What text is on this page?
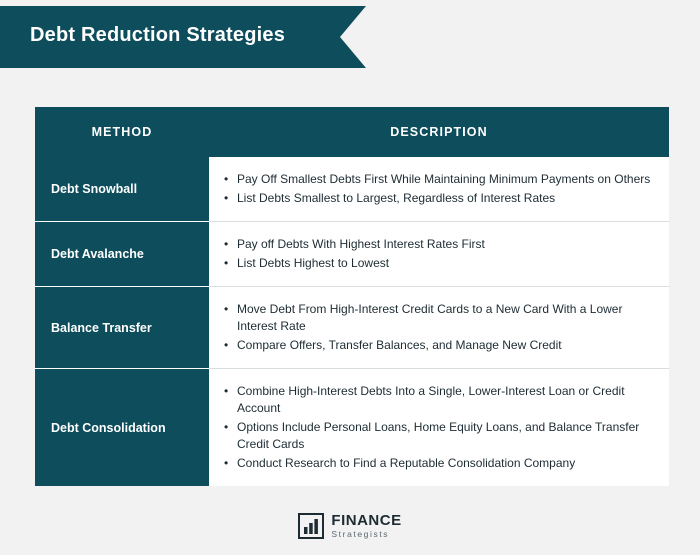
Debt Reduction Strategies
METHOD	DESCRIPTION
Debt Snowball	
• Pay Off Smallest Debts First While Maintaining Minimum Payments on Others
• List Debts Smallest to Largest, Regardless of Interest Rates

Debt Avalanche	
• Pay off Debts With Highest Interest Rates First
• List Debts Highest to Lowest

Balance Transfer	
• Move Debt From High-Interest Credit Cards to a New Card With a Lower Interest Rate
• Compare Offers, Transfer Balances, and Manage New Credit

Debt Consolidation	
• Combine High-Interest Debts Into a Single, Lower-Interest Loan or Credit Account
• Options Include Personal Loans, Home Equity Loans, and Balance Transfer Credit Cards
• Conduct Research to Find a Reputable Consolidation Company
FINANCE
Strategists
